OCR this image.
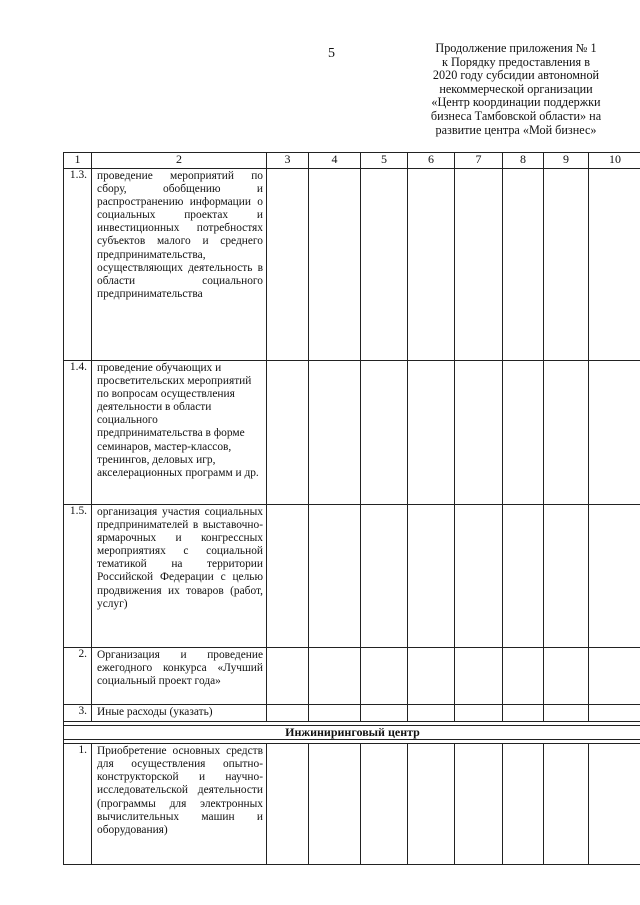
5	Продолжение приложения № 1
к Порядку предоставления в
2020 году субсидии автономной
некоммерческой организации
«Центр координации поддержки
бизнеса Тамбовской области» на
развитие центра «Мой бизнес»
1	2	3	4	5	6	7	8	9	10
1.3.	проведение мероприятий по сбору, обобщению и распространению информации о социальных проектах и инвестиционных потребностях субъектов малого и среднего предпринимательства, осуществляющих деятельность в области социального предпринимательства								
1.4.	проведение обучающих и просветительских мероприятий по вопросам осуществления деятельности в области социального предпринимательства в форме семинаров, мастер-классов, тренингов, деловых игр, акселерационных программ и др.								
1.5.	организация участия социальных предпринимателей в выставочно-ярмарочных и конгрессных мероприятиях с социальной тематикой на территории Российской Федерации с целью продвижения их товаров (работ, услуг)								
2.	Организация и проведение ежегодного конкурса «Лучший социальный проект года»								
3.	Иные расходы (указать)								

Инжиниринговый центр									

1.	Приобретение основных средств для осуществления опытно-конструкторской и научно-исследовательской деятельности (программы для электронных вычислительных машин и оборудования)								
